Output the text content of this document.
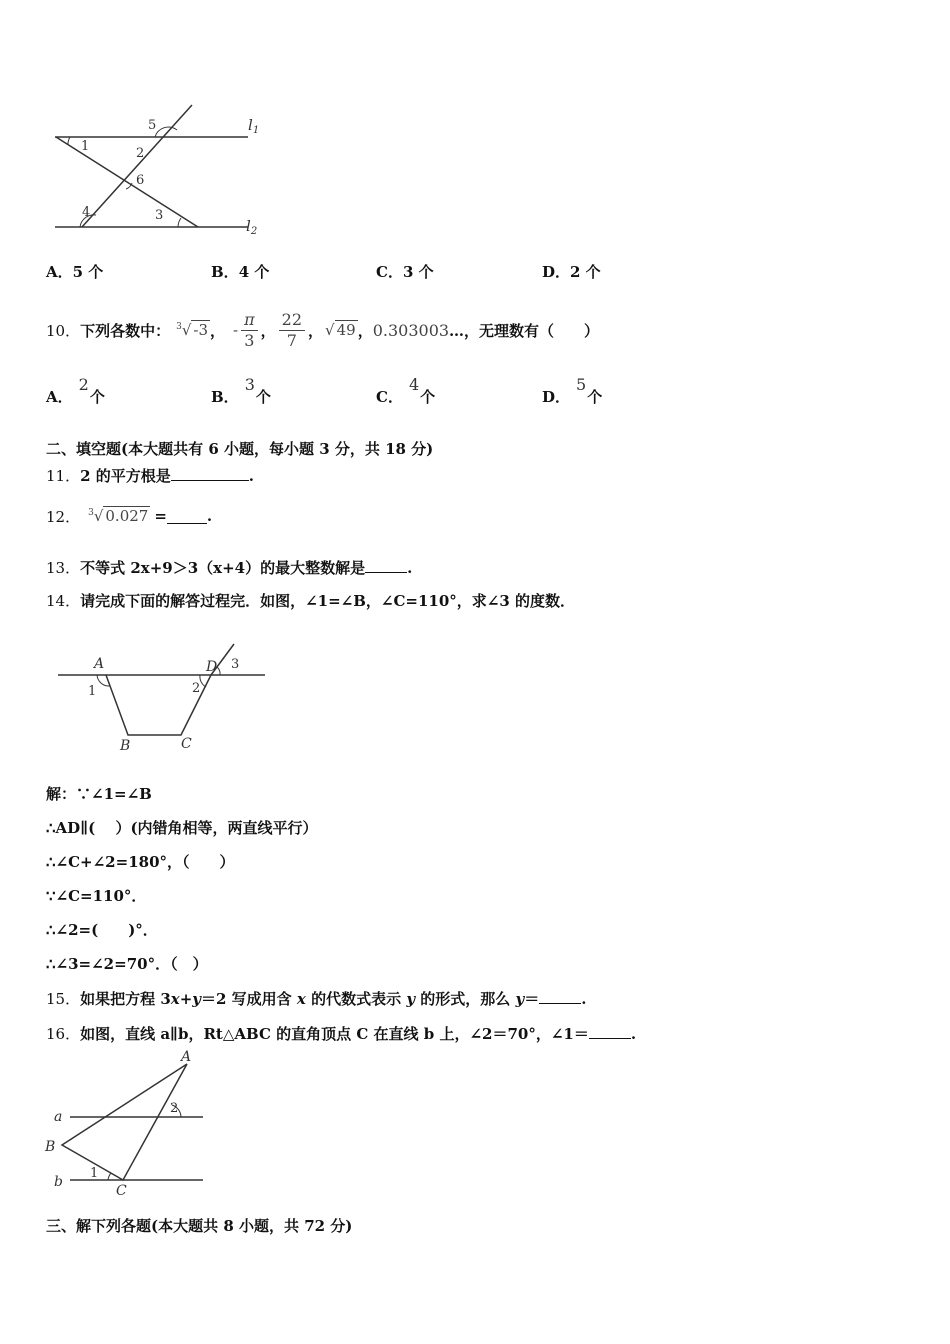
$l_1$
$l_2$
1	2
3
4
5
6
A．5 个	B．4 个	C．3 个	D．2 个
10． 下列各数中： $^3$√ -3 ， - $\frac{\pi}{3}$ ， $\frac{22}{7}$ ， √ 49 ， 0.303003 …，无理数有（　　）
A．2个	B．3个	C．4个	D．5个
二、填空题(本大题共有 6 小题，每小题 3 分，共 18 分)
11．2 的平方根是	.
12． $^3$√ 0.027 =	.
13．不等式 2x+9＞3（x+4）的最大整数解是	.
14．请完成下面的解答过程完．如图，∠1=∠B，∠C=110°，求∠3 的度数．
A
B	C
D
1	2
3
解：∵∠1=∠B
∴AD∥(　 ）(内错角相等，两直线平行）
∴∠C+∠2=180°，（　　）
∵∠C=110°．
∴∠2=(　　)°．
∴∠3=∠2=70°．（　）
15．如果把方程 3x+y＝2 写成用含 x 的代数式表示 y 的形式，那么 y＝	.
16．如图，直线 a∥b，Rt△ABC 的直角顶点 C 在直线 b 上，∠2＝70°，∠1＝	.
A
B
C
a
b
1
2
三、解下列各题(本大题共 8 小题，共 72 分)
